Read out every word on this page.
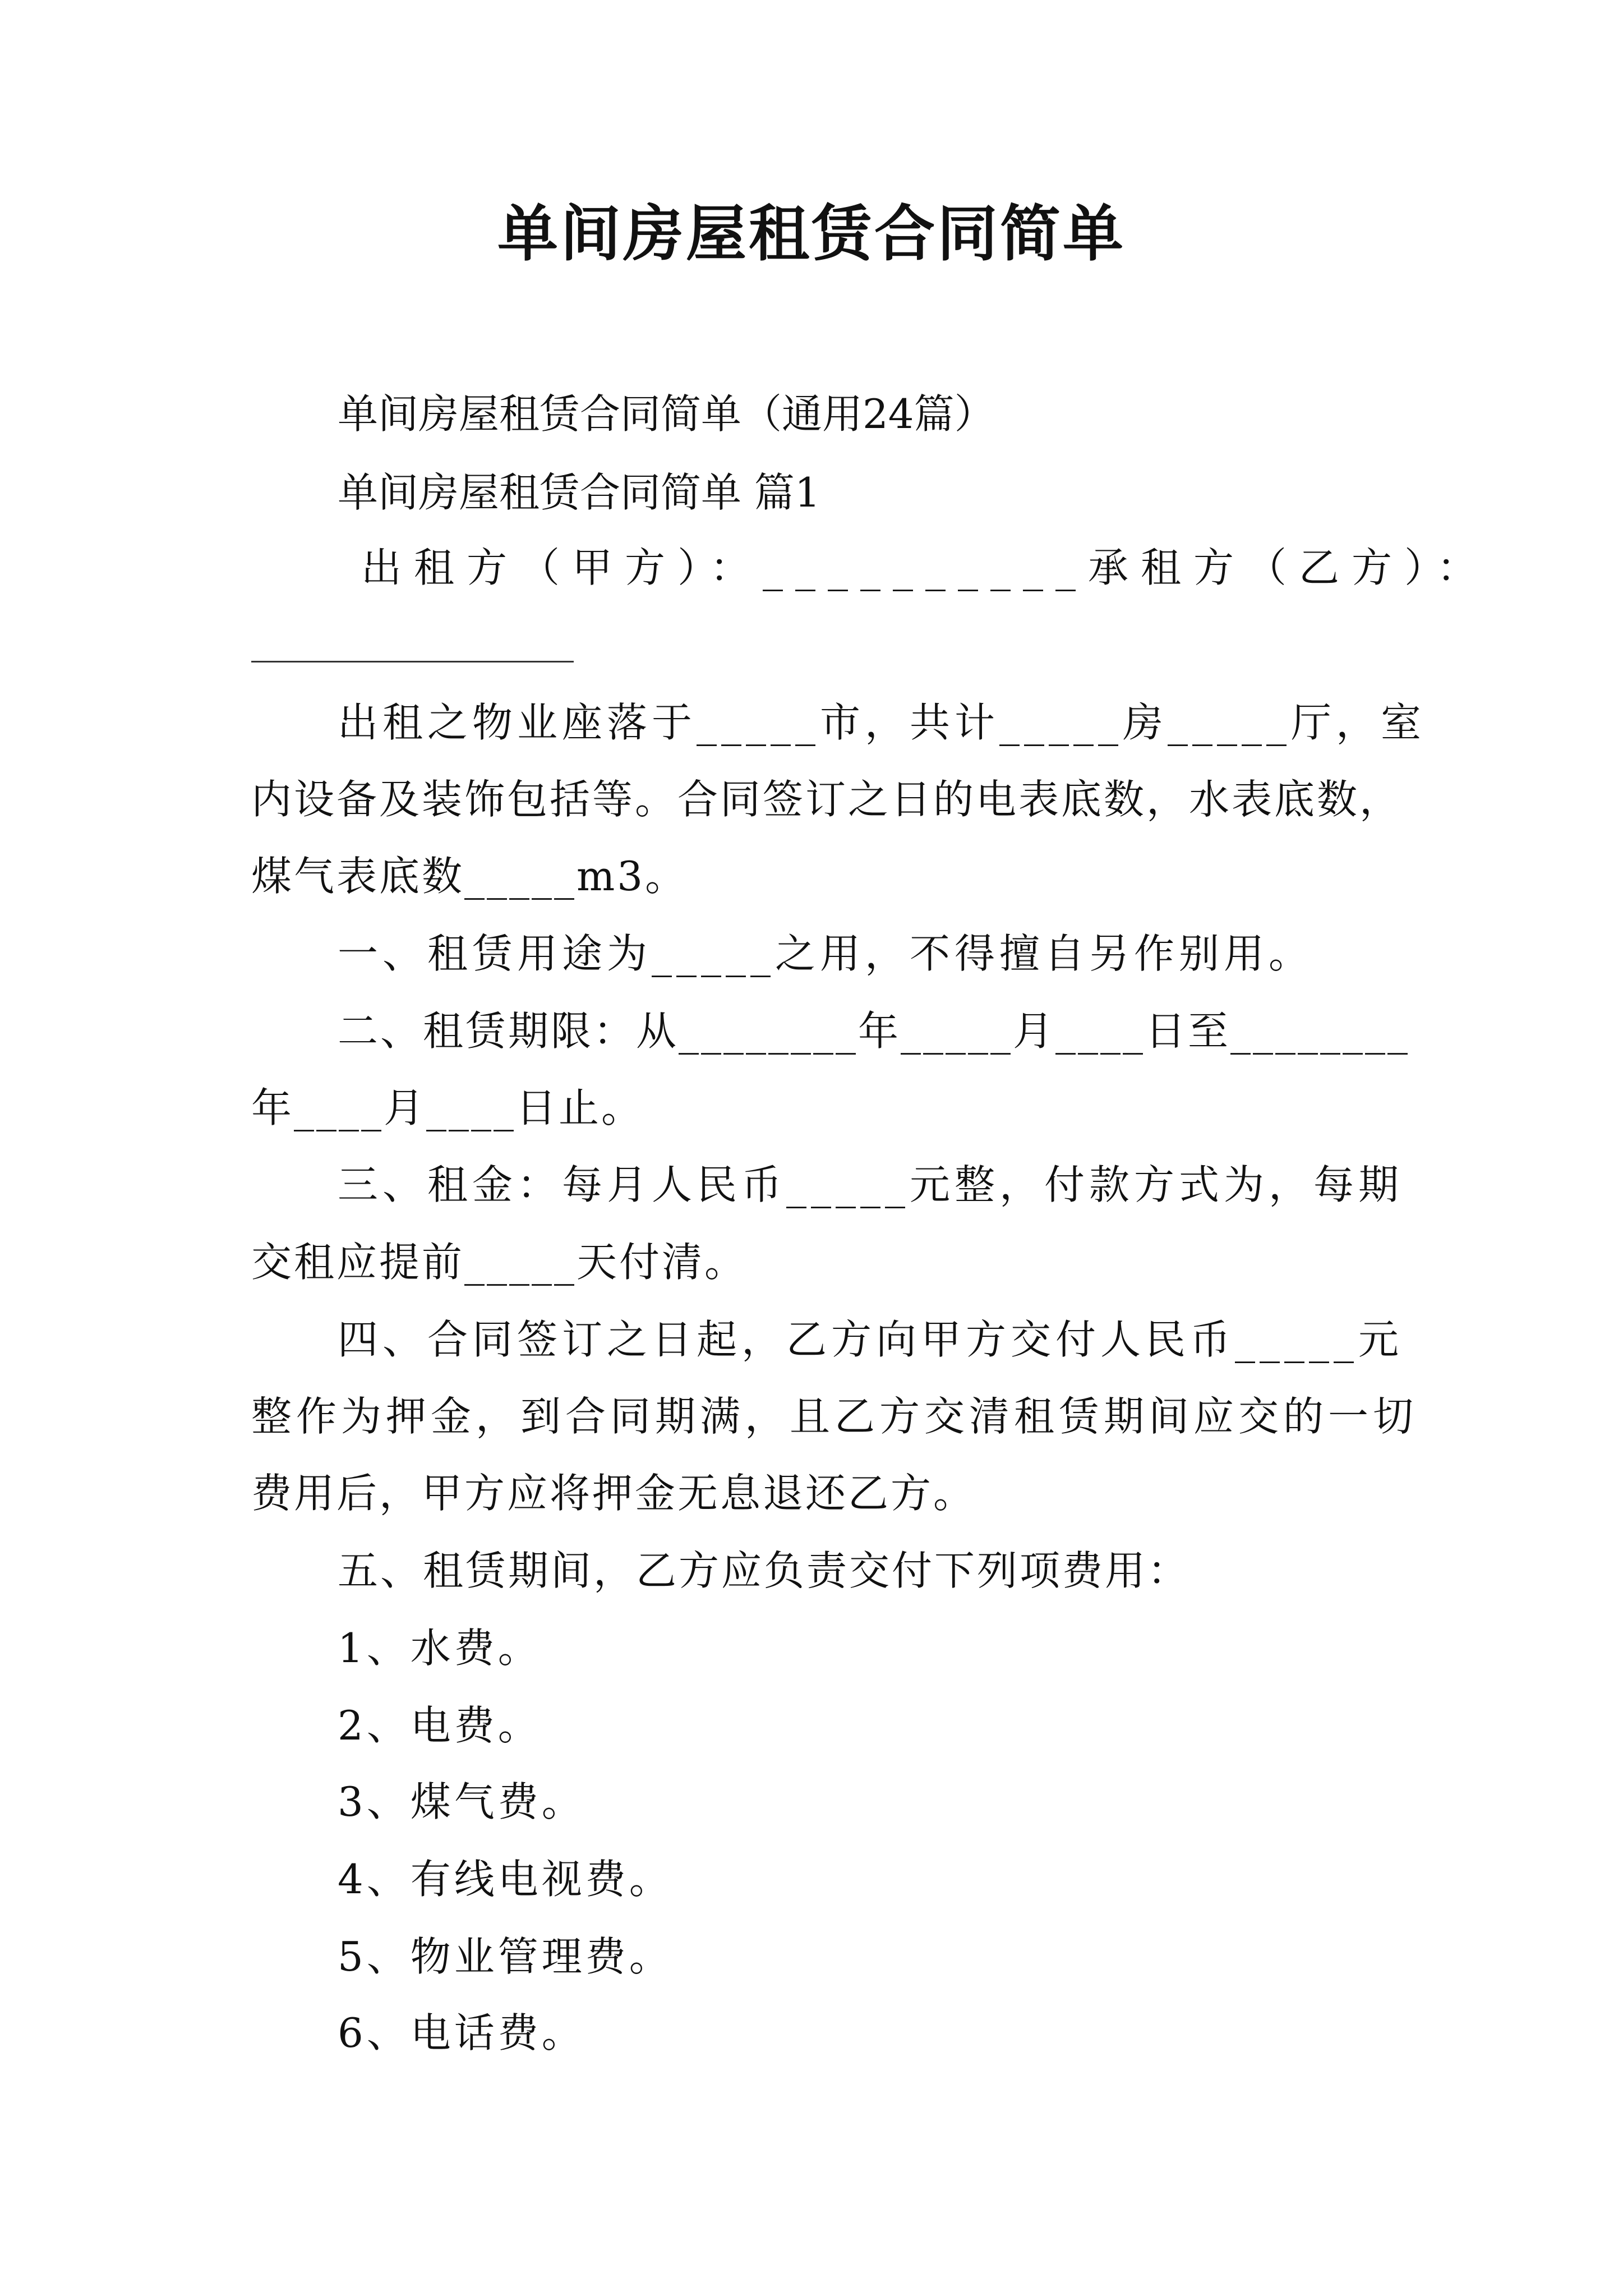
单间房屋租赁合同简单
单间房屋租赁合同简单（通用24篇）
单间房屋租赁合同简单 篇1
出租方（甲方）：__________ 承租方（乙方）：
出租之物业座落于_____市，共计_____房_____厅，室
内设备及装饰包括等。合同签订之日的电表底数，水表底数，
煤气表底数_____m3。
一、租赁用途为_____之用，不得擅自另作别用。
二、租赁期限：从________年_____月____日至________
年____月____日止。
三、租金：每月人民币_____元整，付款方式为，每期
交租应提前_____天付清。
四、合同签订之日起，乙方向甲方交付人民币_____元
整作为押金，到合同期满，且乙方交清租赁期间应交的一切
费用后，甲方应将押金无息退还乙方。
五、租赁期间，乙方应负责交付下列项费用：
1、水费。
2、电费。
3、煤气费。
4、有线电视费。
5、物业管理费。
6、电话费。
